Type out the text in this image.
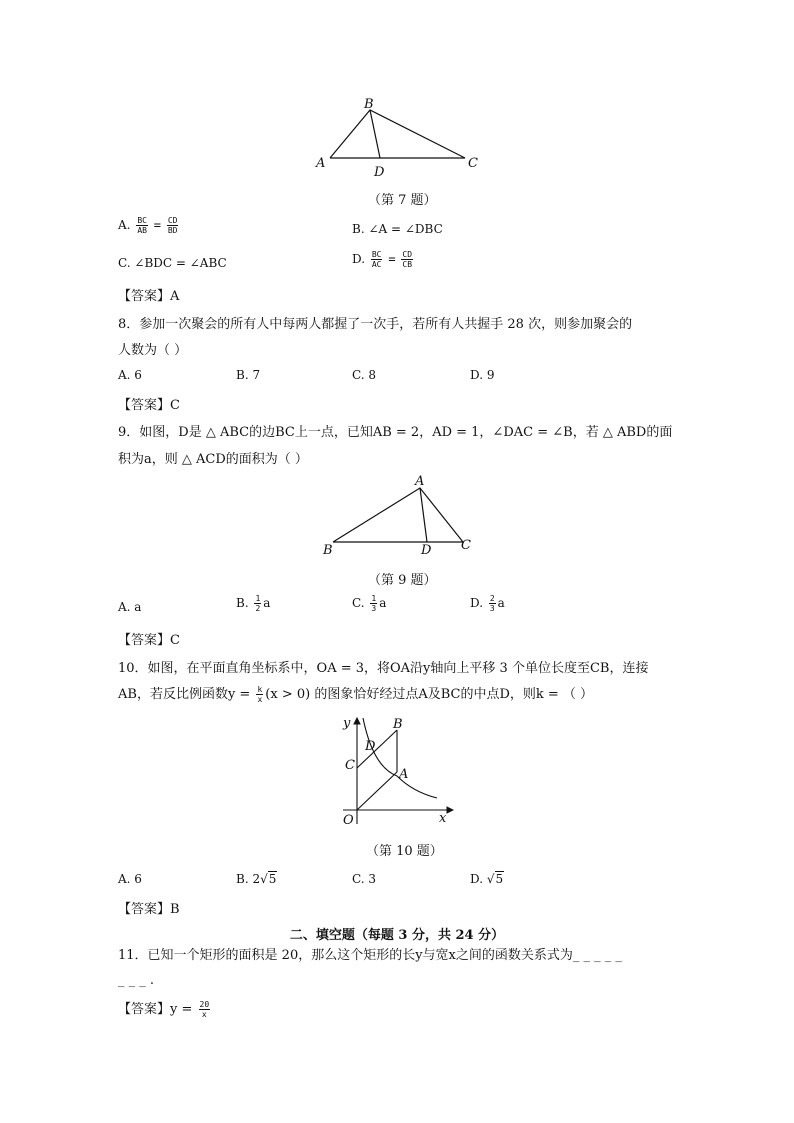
B
A	C
D
（第 7 题）
A. $\frac{BC}{AB} = \frac{CD}{BD}$	B. ∠A = ∠DBC
C. ∠BDC = ∠ABC	D. $\frac{BC}{AC} = \frac{CD}{CB}$
【答案】A
8．参加一次聚会的所有人中每两人都握了一次手，若所有人共握手 28 次，则参加聚会的
人数为（ ）
A. 6	B. 7	C. 8	D. 9
【答案】C
9．如图，D是 △ ABC的边BC上一点，已知AB = 2，AD = 1，∠DAC = ∠B，若 △ ABD的面
积为a，则 △ ACD的面积为（ ）
A
B	C
D
（第 9 题）
A. a	B. $\frac{1}{2}$ a	C. $\frac{1}{3}$ a	D. $\frac{2}{3}$ a
【答案】C
10．如图，在平面直角坐标系中，OA = 3，将OA沿y轴向上平移 3 个单位长度至CB，连接
AB，若反比例函数$y = \frac{k}{x} (x > 0)$ 的图象恰好经过点A及BC的中点D，则k = （ ）
y
x
O
A
B
C
D
（第 10 题）
A. 6	B. 2√5	C. 3	D. √5
【答案】B
二、填空题（每题 3 分，共 24 分）
11．已知一个矩形的面积是 20，那么这个矩形的长y与宽x之间的函数关系式为_ _ _ _ _
_ _ _ .
【答案】$y = \frac{20}{x}$
